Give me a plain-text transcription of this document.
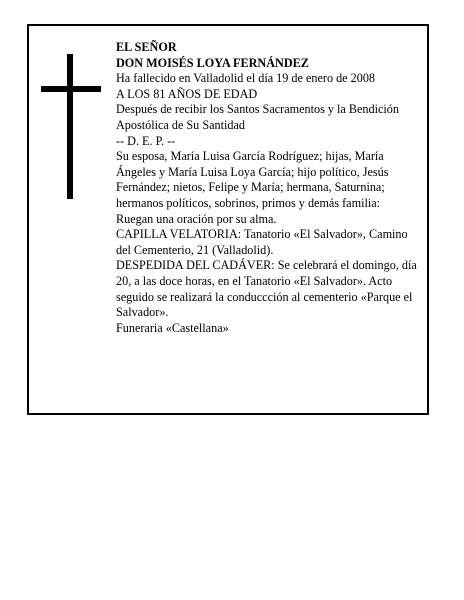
EL SEÑOR

DON MOISÉS LOYA FERNÁNDEZ

Ha fallecido en Valladolid el día 19 de enero de 2008

A LOS 81 AÑOS DE EDAD

Después de recibir los Santos Sacramentos y la Bendición Apostólica de Su Santidad

-- D. E. P. --

Su esposa, María Luisa García Rodríguez; hijas, María Ángeles y María Luisa Loya García; hijo político, Jesús Fernández; nietos, Felipe y María; hermana, Saturnina; hermanos políticos, sobrinos, primos y demás familia:

Ruegan una oración por su alma.

CAPILLA VELATORIA: Tanatorio «El Salvador», Camino del Cementerio, 21 (Valladolid).

DESPEDIDA DEL CADÁVER: Se celebrará el domingo, día 20, a las doce horas, en el Tanatorio «El Salvador». Acto seguido se realizará la conduccción al cementerio «Parque el Salvador».

Funeraria «Castellana»
